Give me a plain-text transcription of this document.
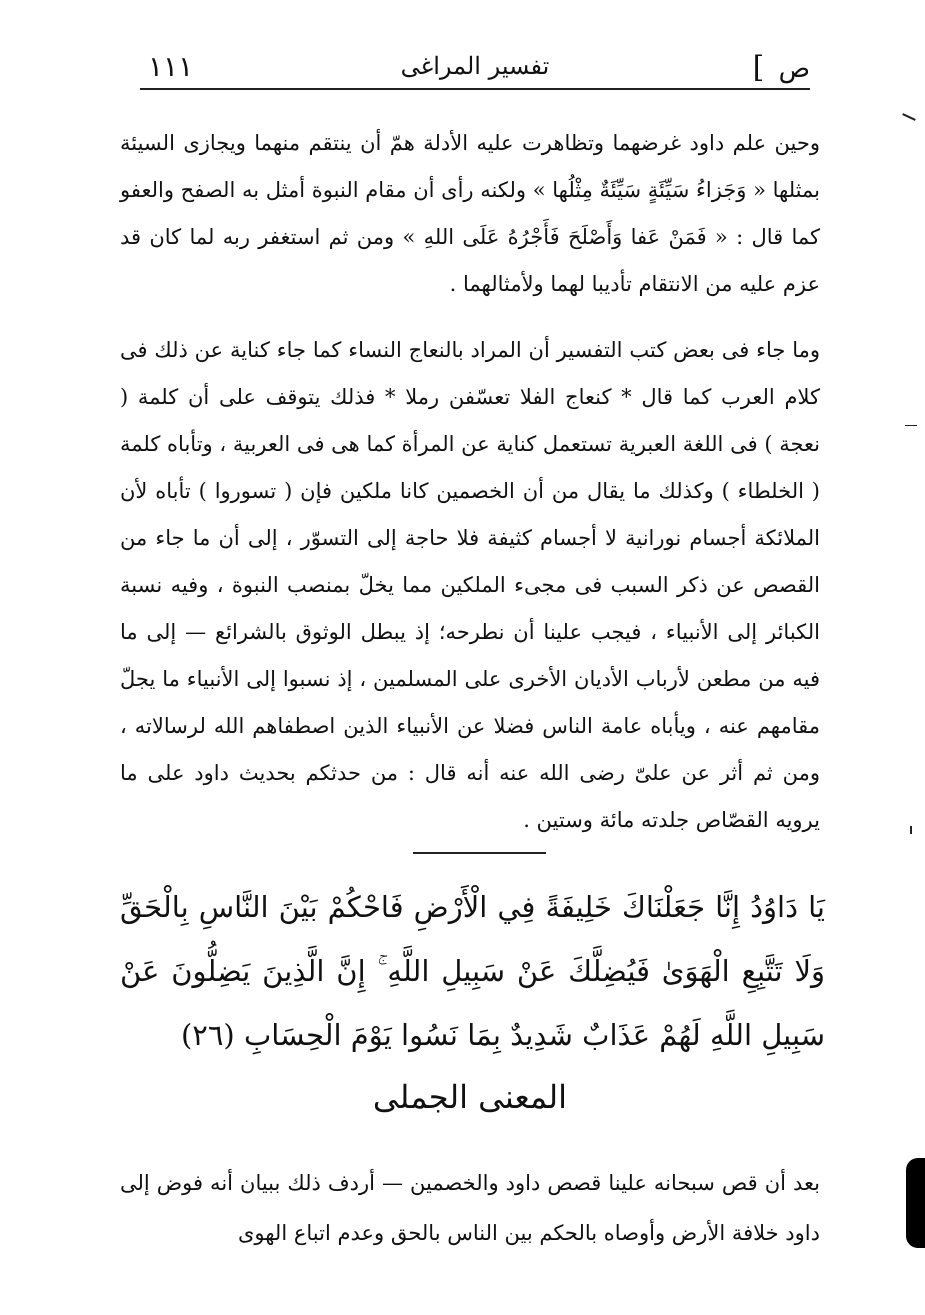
ص ]
تفسير المراغى
١١١

وحين علم داود غرضهما وتظاهرت عليه الأدلة همّ أن ينتقم منهما ويجازى السيئة بمثلها « وَجَزاءُ سَيِّئَةٍ سَيِّئَةٌ مِثْلُها » ولكنه رأى أن مقام النبوة أمثل به الصفح والعفو كما قال : « فَمَنْ عَفا وَأَصْلَحَ فَأَجْرُهُ عَلَى اللهِ » ومن ثم استغفر ربه لما كان قد عزم عليه من الانتقام تأديبا لهما ولأمثالهما .

وما جاء فى بعض كتب التفسير أن المراد بالنعاج النساء كما جاء كناية عن ذلك فى كلام العرب كما قال * كنعاج الفلا تعسّفن رملا * فذلك يتوقف على أن كلمة ( نعجة ) فى اللغة العبرية تستعمل كناية عن المرأة كما هى فى العربية ، وتأباه كلمة ( الخلطاء ) وكذلك ما يقال من أن الخصمين كانا ملكين فإن ( تسوروا ) تأباه لأن الملائكة أجسام نورانية لا أجسام كثيفة فلا حاجة إلى التسوّر ، إلى أن ما جاء من القصص عن ذكر السبب فى مجىء الملكين مما يخلّ بمنصب النبوة ، وفيه نسبة الكبائر إلى الأنبياء ، فيجب علينا أن نطرحه؛ إذ يبطل الوثوق بالشرائع — إلى ما فيه من مطعن لأرباب الأديان الأخرى على المسلمين ، إذ نسبوا إلى الأنبياء ما يجلّ مقامهم عنه ، ويأباه عامة الناس فضلا عن الأنبياء الذين اصطفاهم الله لرسالاته ، ومن ثم أثر عن علىّ رضى الله عنه أنه قال : من حدثكم بحديث داود على ما يرويه القصّاص جلدته مائة وستين .

يَا دَاوُدُ إِنَّا جَعَلْنَاكَ خَلِيفَةً فِي الْأَرْضِ فَاحْكُمْ بَيْنَ النَّاسِ بِالْحَقِّ وَلَا تَتَّبِعِ الْهَوَىٰ فَيُضِلَّكَ عَنْ سَبِيلِ اللَّهِ ۚ إِنَّ الَّذِينَ يَضِلُّونَ عَنْ سَبِيلِ اللَّهِ لَهُمْ عَذَابٌ شَدِيدٌ بِمَا نَسُوا يَوْمَ الْحِسَابِ (٢٦)
المعنى الجملى

بعد أن قص سبحانه علينا قصص داود والخصمين — أردف ذلك ببيان أنه فوض إلى داود خلافة الأرض وأوصاه بالحكم بين الناس بالحق وعدم اتباع الهوى
